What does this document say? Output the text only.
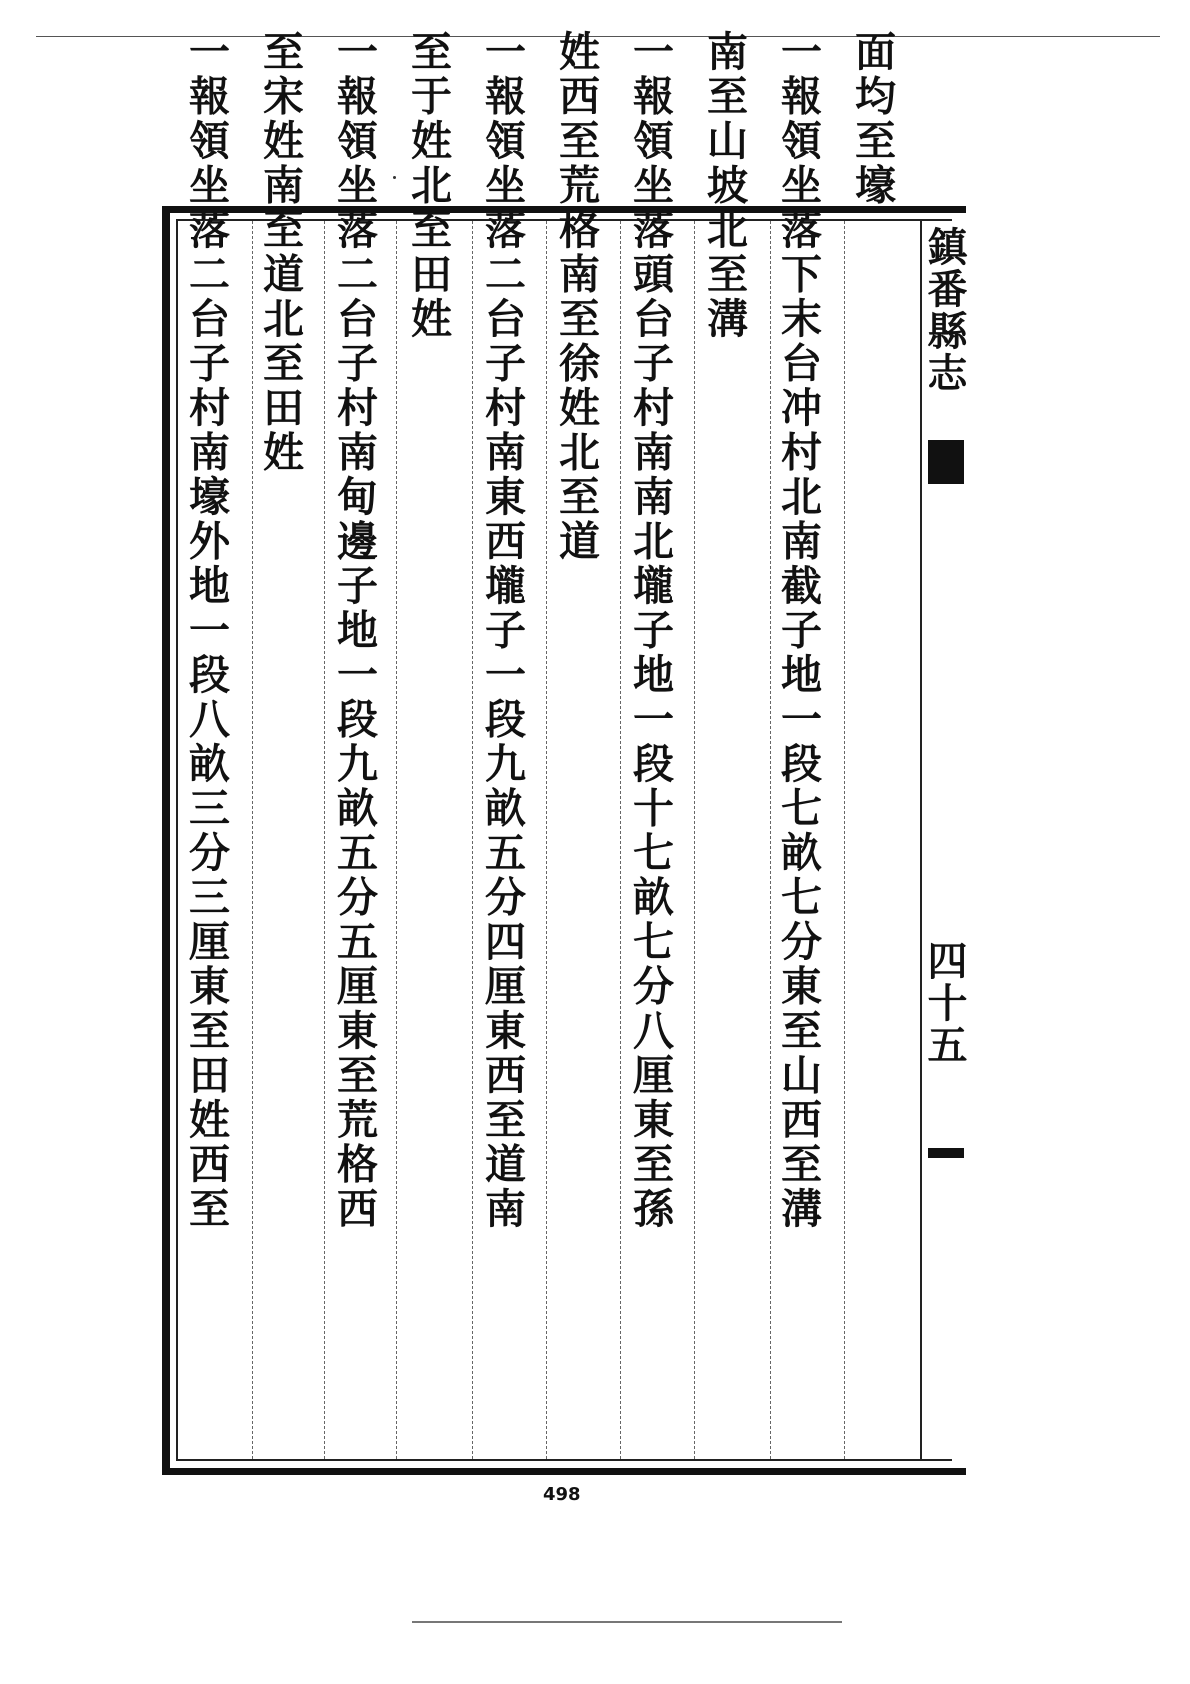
面均至壕
一報領坐落下末台冲村北南截子地一段七畝七分東至山西至溝
南至山坡北至溝
一報領坐落頭台子村南南北壠子地一段十七畝七分八厘東至孫
姓西至荒格南至徐姓北至道
一報領坐落二台子村南東西壠子一段九畝五分四厘東西至道南
至于姓北至田姓
一報領坐落二台子村南甸邊子地一段九畝五分五厘東至荒格西
至宋姓南至道北至田姓
一報領坐落二台子村南壕外地一段八畝三分三厘東至田姓西至	鎮番縣志
四十五
498
